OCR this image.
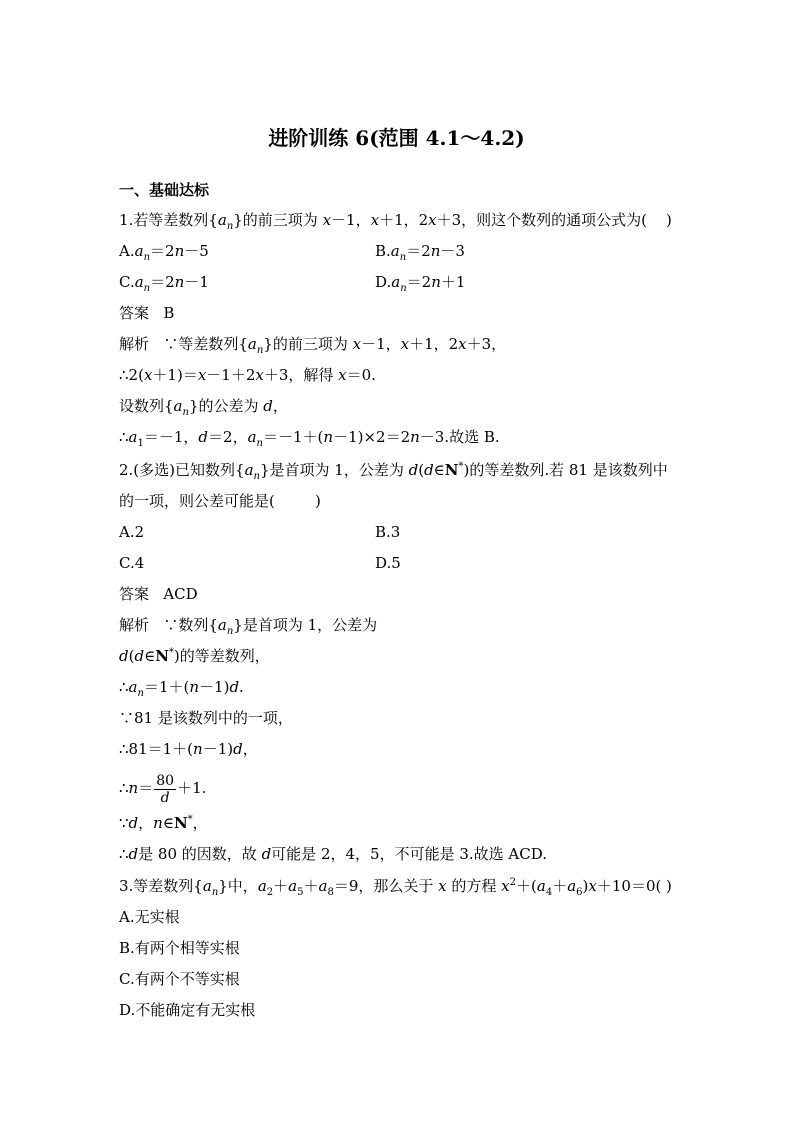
进阶训练 6(范围 4.1～4.2)
一、基础达标
1.若等差数列$\{a_n\}$的前三项为 x－1，x＋1，2x＋3，则这个数列的通项公式为( )
$A.a_n=2n-5$	$B.a_n=2n-3$
$C.a_n=2n-1$	$D.a_n=2n+1$
答案 B
解析 ∵等差数列$\{a_n\}$的前三项为 x－1，x＋1，2x＋3，
∴2(x＋1)＝x－1＋2x＋3，解得 x＝0.
设数列$\{a_n\}$的公差为 d，
$\therefore a_1=-1$，d＝2，$a_n=-1+(n-1)\times 2=2n-3$.故选 B.
2.(多选)已知数列$\{a_n\}$是首项为 1，公差为 d(d∈N*)的等差数列.若 81 是该数列中
的一项，则公差可能是(	)
A.2	B.3
C.4	D.5
答案 ACD
解析 ∵数列$\{a_n\}$是首项为 1，公差为
d(d∈N*)的等差数列，
$\therefore a_n=1+(n-1)d$.
∵81 是该数列中的一项，
∴81＝1＋(n－1)d，
∴n＝ $\frac{80}{d} +1$.
∵d，n∈N*，
∴d是 80 的因数，故 d可能是 2，4，5，不可能是 3.故选 ACD.
3.等差数列$\{a_n\}$中，$a_2+a_5+a_8=9$，那么关于 x 的方程 $x^2+(a_4+a_6)x+10=0$( )
A.无实根
B.有两个相等实根
C.有两个不等实根
D.不能确定有无实根
